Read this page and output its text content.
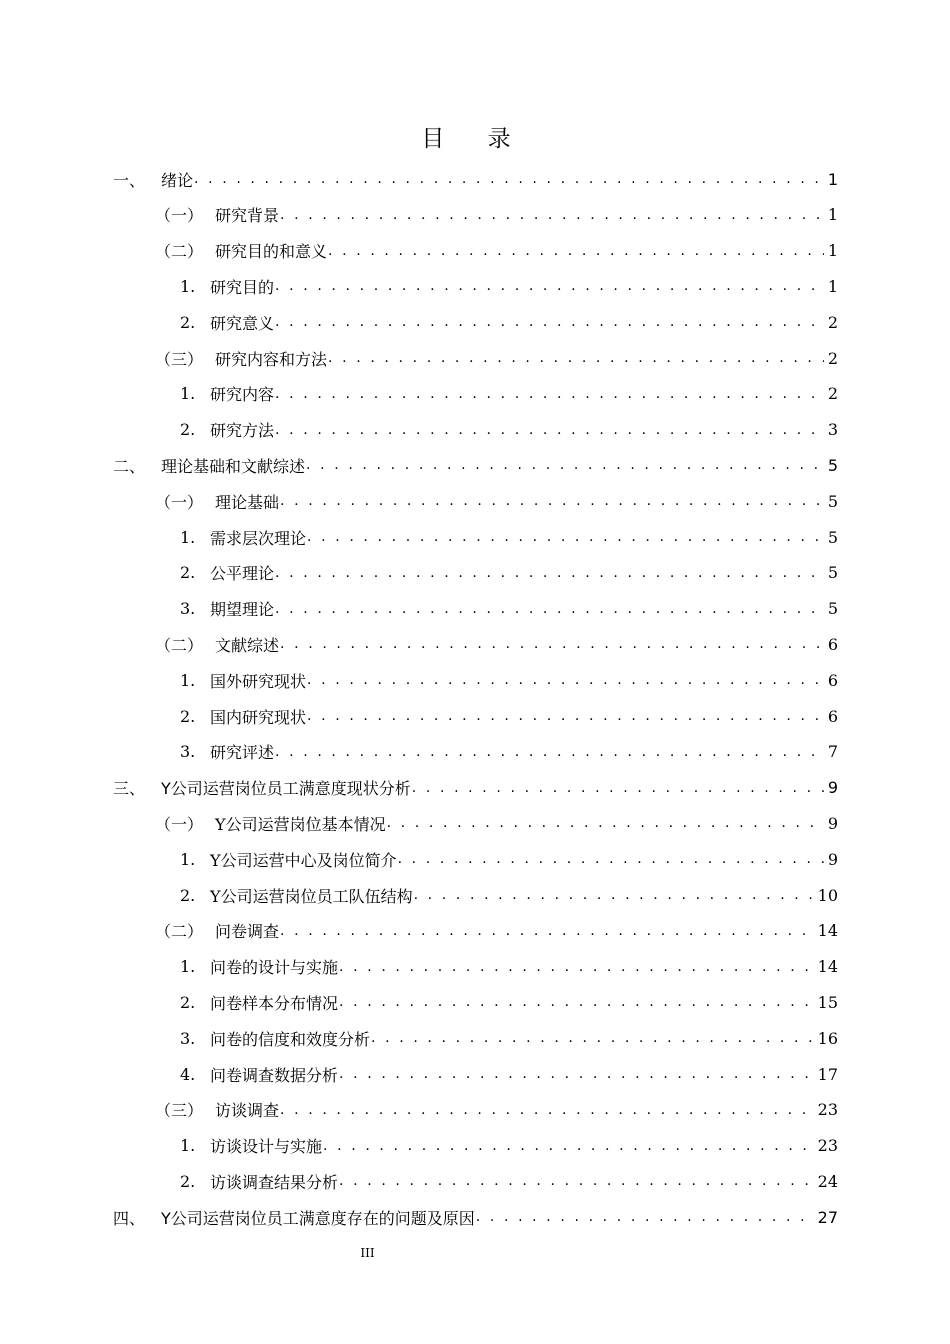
目 录
一、 绪论 . . .	1
（一） 研究背景 . . .	1
（二） 研究目的和意义 . . .	1
1. 研究目的 . . .	1
2. 研究意义 . . .	2
（三） 研究内容和方法 . . .	2
1. 研究内容 . . .	2
2. 研究方法 . . .	3
二、 理论基础和文献综述 . . .	5
（一） 理论基础 . . .	5
1. 需求层次理论 . . .	5
2. 公平理论 . . .	5
3. 期望理论 . . .	5
（二） 文献综述 . . .	6
1. 国外研究现状 . . .	6
2. 国内研究现状 . . .	6
3. 研究评述 . . .	7
三、 Y公司运营岗位员工满意度现状分析 . . .	9
（一） Y公司运营岗位基本情况 . . .	9
1. Y公司运营中心及岗位简介 . . .	9
2. Y公司运营岗位员工队伍结构 . . .	10
（二） 问卷调查 . . .	14
1. 问卷的设计与实施 . . .	14
2. 问卷样本分布情况 . . .	15
3. 问卷的信度和效度分析 . . .	16
4. 问卷调查数据分析 . . .	17
（三） 访谈调查 . . .	23
1. 访谈设计与实施 . . .	23
2. 访谈调查结果分析 . . .	24
四、 Y公司运营岗位员工满意度存在的问题及原因 . . .	27
III
